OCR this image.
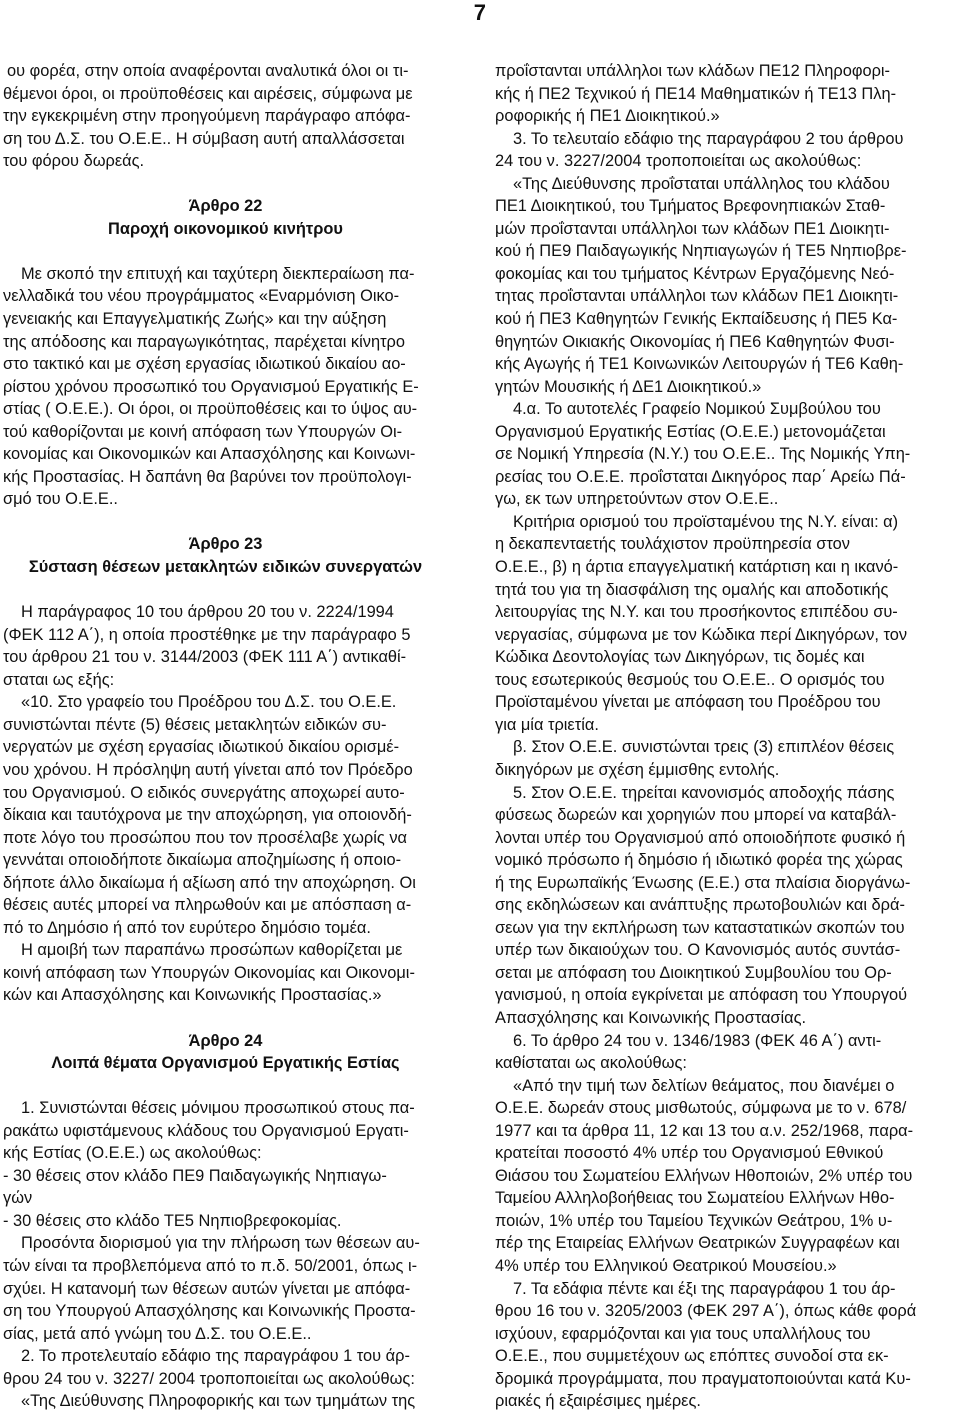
7
ου φορέα, στην οποία αναφέρονται αναλυτικά όλοι οι τι-
θέμενοι όροι, οι προϋποθέσεις και αιρέσεις, σύμφωνα με
την εγκεκριμένη στην προηγούμενη παράγραφο απόφα-
ση του Δ.Σ. του Ο.Ε.Ε.. Η σύμβαση αυτή απαλλάσσεται
του φόρου δωρεάς.
Άρθρο 22
Παροχή οικονομικού κινήτρου
Με σκοπό την επιτυχή και ταχύτερη διεκπεραίωση πα-
νελλαδικά του νέου προγράμματος «Εναρμόνιση Οικο-
γενειακής και Επαγγελματικής Ζωής» και την αύξηση
της απόδοσης και παραγωγικότητας, παρέχεται κίνητρο
στο τακτικό και με σχέση εργασίας ιδιωτικού δικαίου αο-
ρίστου χρόνου προσωπικό του Οργανισμού Εργατικής Ε-
στίας ( Ο.Ε.Ε.). Οι όροι, οι προϋποθέσεις και το ύψος αυ-
τού καθορίζονται με κοινή απόφαση των Υπουργών Οι-
κονομίας και Οικονομικών και Απασχόλησης και Κοινωνι-
κής Προστασίας. Η δαπάνη θα βαρύνει τον προϋπολογι-
σμό του Ο.Ε.Ε..
Άρθρο 23
Σύσταση θέσεων μετακλητών ειδικών συνεργατών
Η παράγραφος 10 του άρθρου 20 του ν. 2224/1994
(ΦΕΚ 112 Α΄), η οποία προστέθηκε με την παράγραφο 5
του άρθρου 21 του ν. 3144/2003 (ΦΕΚ 111 Α΄) αντικαθί-
σταται ως εξής:
«10. Στο γραφείο του Προέδρου του Δ.Σ. του Ο.Ε.Ε.
συνιστώνται πέντε (5) θέσεις μετακλητών ειδικών συ-
νεργατών με σχέση εργασίας ιδιωτικού δικαίου ορισμέ-
νου χρόνου. Η πρόσληψη αυτή γίνεται από τον Πρόεδρο
του Οργανισμού. Ο ειδικός συνεργάτης αποχωρεί αυτο-
δίκαια και ταυτόχρονα με την αποχώρηση, για οποιονδή-
ποτε λόγο του προσώπου που τον προσέλαβε χωρίς να
γεννάται οποιοδήποτε δικαίωμα αποζημίωσης ή οποιο-
δήποτε άλλο δικαίωμα ή αξίωση από την αποχώρηση. Οι
θέσεις αυτές μπορεί να πληρωθούν και με απόσπαση α-
πό το Δημόσιο ή από τον ευρύτερο δημόσιο τομέα.
Η αμοιβή των παραπάνω προσώπων καθορίζεται με
κοινή απόφαση των Υπουργών Οικονομίας και Οικονομι-
κών και Απασχόλησης και Κοινωνικής Προστασίας.»
Άρθρο 24
Λοιπά θέματα Οργανισμού Εργατικής Εστίας
1. Συνιστώνται θέσεις μόνιμου προσωπικού στους πα-
ρακάτω υφιστάμενους κλάδους του Οργανισμού Εργατι-
κής Εστίας (Ο.Ε.Ε.) ως ακολούθως:
- 30 θέσεις στον κλάδο ΠΕ9 Παιδαγωγικής Νηπιαγω-
γών
- 30 θέσεις στο κλάδο ΤΕ5 Νηπιοβρεφοκομίας.
Προσόντα διορισμού για την πλήρωση των θέσεων αυ-
τών είναι τα προβλεπόμενα από το π.δ. 50/2001, όπως ι-
σχύει. Η κατανομή των θέσεων αυτών γίνεται με απόφα-
ση του Υπουργού Απασχόλησης και Κοινωνικής Προστα-
σίας, μετά από γνώμη του Δ.Σ. του Ο.Ε.Ε..
2. Το προτελευταίο εδάφιο της παραγράφου 1 του άρ-
θρου 24 του ν. 3227/ 2004 τροποποιείται ως ακολούθως:
«Της Διεύθυνσης Πληροφορικής και των τμημάτων της
προΐστανται υπάλληλοι των κλάδων ΠΕ12 Πληροφορι-
κής ή ΠΕ2 Τεχνικού ή ΠΕ14 Μαθηματικών ή ΤΕ13 Πλη-
ροφορικής ή ΠΕ1 Διοικητικού.»
3. Το τελευταίο εδάφιο της παραγράφου 2 του άρθρου
24 του ν. 3227/2004 τροποποιείται ως ακολούθως:
«Της Διεύθυνσης προΐσταται υπάλληλος του κλάδου
ΠΕ1 Διοικητικού, του Τμήματος Βρεφονηπιακών Σταθ-
μών προΐστανται υπάλληλοι των κλάδων ΠΕ1 Διοικητι-
κού ή ΠΕ9 Παιδαγωγικής Νηπιαγωγών ή ΤΕ5 Νηπιοβρε-
φοκομίας και του τμήματος Κέντρων Εργαζόμενης Νεό-
τητας προΐστανται υπάλληλοι των κλάδων ΠΕ1 Διοικητι-
κού ή ΠΕ3 Καθηγητών Γενικής Εκπαίδευσης ή ΠΕ5 Κα-
θηγητών Οικιακής Οικονομίας ή ΠΕ6 Καθηγητών Φυσι-
κής Αγωγής ή ΤΕ1 Κοινωνικών Λειτουργών ή ΤΕ6 Καθη-
γητών Μουσικής ή ΔΕ1 Διοικητικού.»
4.α. Το αυτοτελές Γραφείο Νομικού Συμβούλου του
Οργανισμού Εργατικής Εστίας (Ο.Ε.Ε.) μετονομάζεται
σε Νομική Υπηρεσία (Ν.Υ.) του Ο.Ε.Ε.. Της Νομικής Υπη-
ρεσίας του Ο.Ε.Ε. προΐσταται Δικηγόρος παρ΄ Αρείω Πά-
γω, εκ των υπηρετούντων στον Ο.Ε.Ε..
Κριτήρια ορισμού του προϊσταμένου της Ν.Υ. είναι: α)
η δεκαπενταετής τουλάχιστον προϋπηρεσία στον
Ο.Ε.Ε., β) η άρτια επαγγελματική κατάρτιση και η ικανό-
τητά του για τη διασφάλιση της ομαλής και αποδοτικής
λειτουργίας της Ν.Υ. και του προσήκοντος επιπέδου συ-
νεργασίας, σύμφωνα με τον Κώδικα περί Δικηγόρων, τον
Κώδικα Δεοντολογίας των Δικηγόρων, τις δομές και
τους εσωτερικούς θεσμούς του Ο.Ε.Ε.. Ο ορισμός του
Προϊσταμένου γίνεται με απόφαση του Προέδρου του
για μία τριετία.
β. Στον Ο.Ε.Ε. συνιστώνται τρεις (3) επιπλέον θέσεις
δικηγόρων με σχέση έμμισθης εντολής.
5. Στον Ο.Ε.Ε. τηρείται κανονισμός αποδοχής πάσης
φύσεως δωρεών και χορηγιών που μπορεί να καταβάλ-
λονται υπέρ του Οργανισμού από οποιοδήποτε φυσικό ή
νομικό πρόσωπο ή δημόσιο ή ιδιωτικό φορέα της χώρας
ή της Ευρωπαϊκής Ένωσης (Ε.Ε.) στα πλαίσια διοργάνω-
σης εκδηλώσεων και ανάπτυξης πρωτοβουλιών και δρά-
σεων για την εκπλήρωση των καταστατικών σκοπών του
υπέρ των δικαιούχων του. Ο Κανονισμός αυτός συντάσ-
σεται με απόφαση του Διοικητικού Συμβουλίου του Ορ-
γανισμού, η οποία εγκρίνεται με απόφαση του Υπουργού
Απασχόλησης και Κοινωνικής Προστασίας.
6. Το άρθρο 24 του ν. 1346/1983 (ΦΕΚ 46 Α΄) αντι-
καθίσταται ως ακολούθως:
«Από την τιμή των δελτίων θεάματος, που διανέμει ο
Ο.Ε.Ε. δωρεάν στους μισθωτούς, σύμφωνα με το ν. 678/
1977 και τα άρθρα 11, 12 και 13 του α.ν. 252/1968, παρα-
κρατείται ποσοστό 4% υπέρ του Οργανισμού Εθνικού
Θιάσου του Σωματείου Ελλήνων Ηθοποιών, 2% υπέρ του
Ταμείου Αλληλοβοήθειας του Σωματείου Ελλήνων Ηθο-
ποιών, 1% υπέρ του Ταμείου Τεχνικών Θεάτρου, 1% υ-
πέρ της Εταιρείας Ελλήνων Θεατρικών Συγγραφέων και
4% υπέρ του Ελληνικού Θεατρικού Μουσείου.»
7. Τα εδάφια πέντε και έξι της παραγράφου 1 του άρ-
θρου 16 του ν. 3205/2003 (ΦΕΚ 297 Α΄), όπως κάθε φορά
ισχύουν, εφαρμόζονται και για τους υπαλλήλους του
Ο.Ε.Ε., που συμμετέχουν ως επόπτες συνοδοί στα εκ-
δρομικά προγράμματα, που πραγματοποιούνται κατά Κυ-
ριακές ή εξαιρέσιμες ημέρες.
